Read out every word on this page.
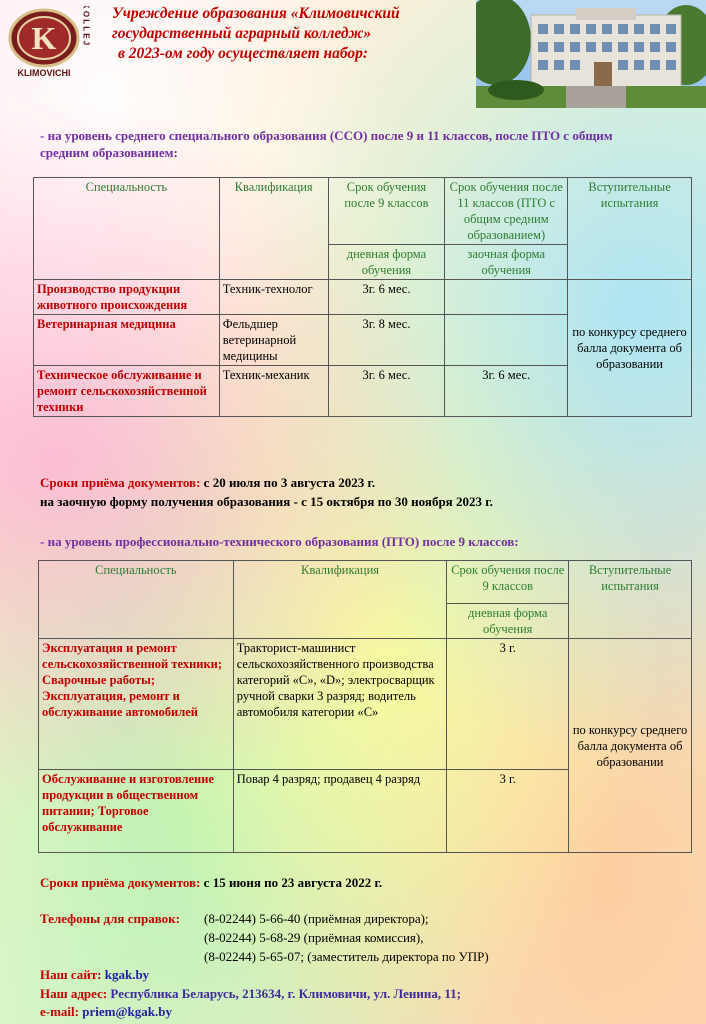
K	K O L L E J
KLIMOVICHI
Учреждение образования «Климовичский
государственный аграрный колледж»
в 2023-ом году осуществляет набор:
- на уровень среднего специального образования (ССО) после 9 и 11 классов, после ПТО с общим средним образованием:
Специальность	Квалификация	Срок обучения после 9 классов	Срок обучения после 11 классов (ПТО с общим средним образованием)	Вступительные испытания
		дневная форма обучения	заочная форма обучения	
Производство продукции животного происхождения	Техник-технолог	3г. 6 мес.		по конкурсу среднего балла документа об образовании
Ветеринарная медицина	Фельдшер ветеринарной медицины	3г. 8 мес.		
Техническое обслуживание и ремонт сельскохозяйственной техники	Техник-механик	3г. 6 мес.	3г. 6 мес.	
Сроки приёма документов: с 20 июля по 3 августа 2023 г.
на заочную форму получения образования - с 15 октября по 30 ноября 2023 г.
- на уровень профессионально-технического образования (ПТО) после 9 классов:
Специальность	Квалификация	Срок обучения после 9 классов	Вступительные испытания
		дневная форма обучения	
Эксплуатация и ремонт сельскохозяйственной техники; Сварочные работы; Эксплуатация, ремонт и обслуживание автомобилей	Тракторист-машинист сельскохозяйственного производства категорий «С», «D»; электросварщик ручной сварки 3 разряд; водитель автомобиля категории «С»	3 г.	по конкурсу среднего балла документа об образовании
Обслуживание и изготовление продукции в общественном питании; Торговое обслуживание	Повар 4 разряд; продавец 4 разряд	3 г.	
Сроки приёма документов: с 15 июня по 23 августа 2022 г.
Телефоны для справок: (8-02244) 5-66-40 (приёмная директора);
(8-02244) 5-68-29 (приёмная комиссия),
(8-02244) 5-65-07; (заместитель директора по УПР)
Наш сайт: kgak.by
Наш адрес: Республика Беларусь, 213634, г. Климовичи, ул. Ленина, 11;
e-mail: priem@kgak.by
